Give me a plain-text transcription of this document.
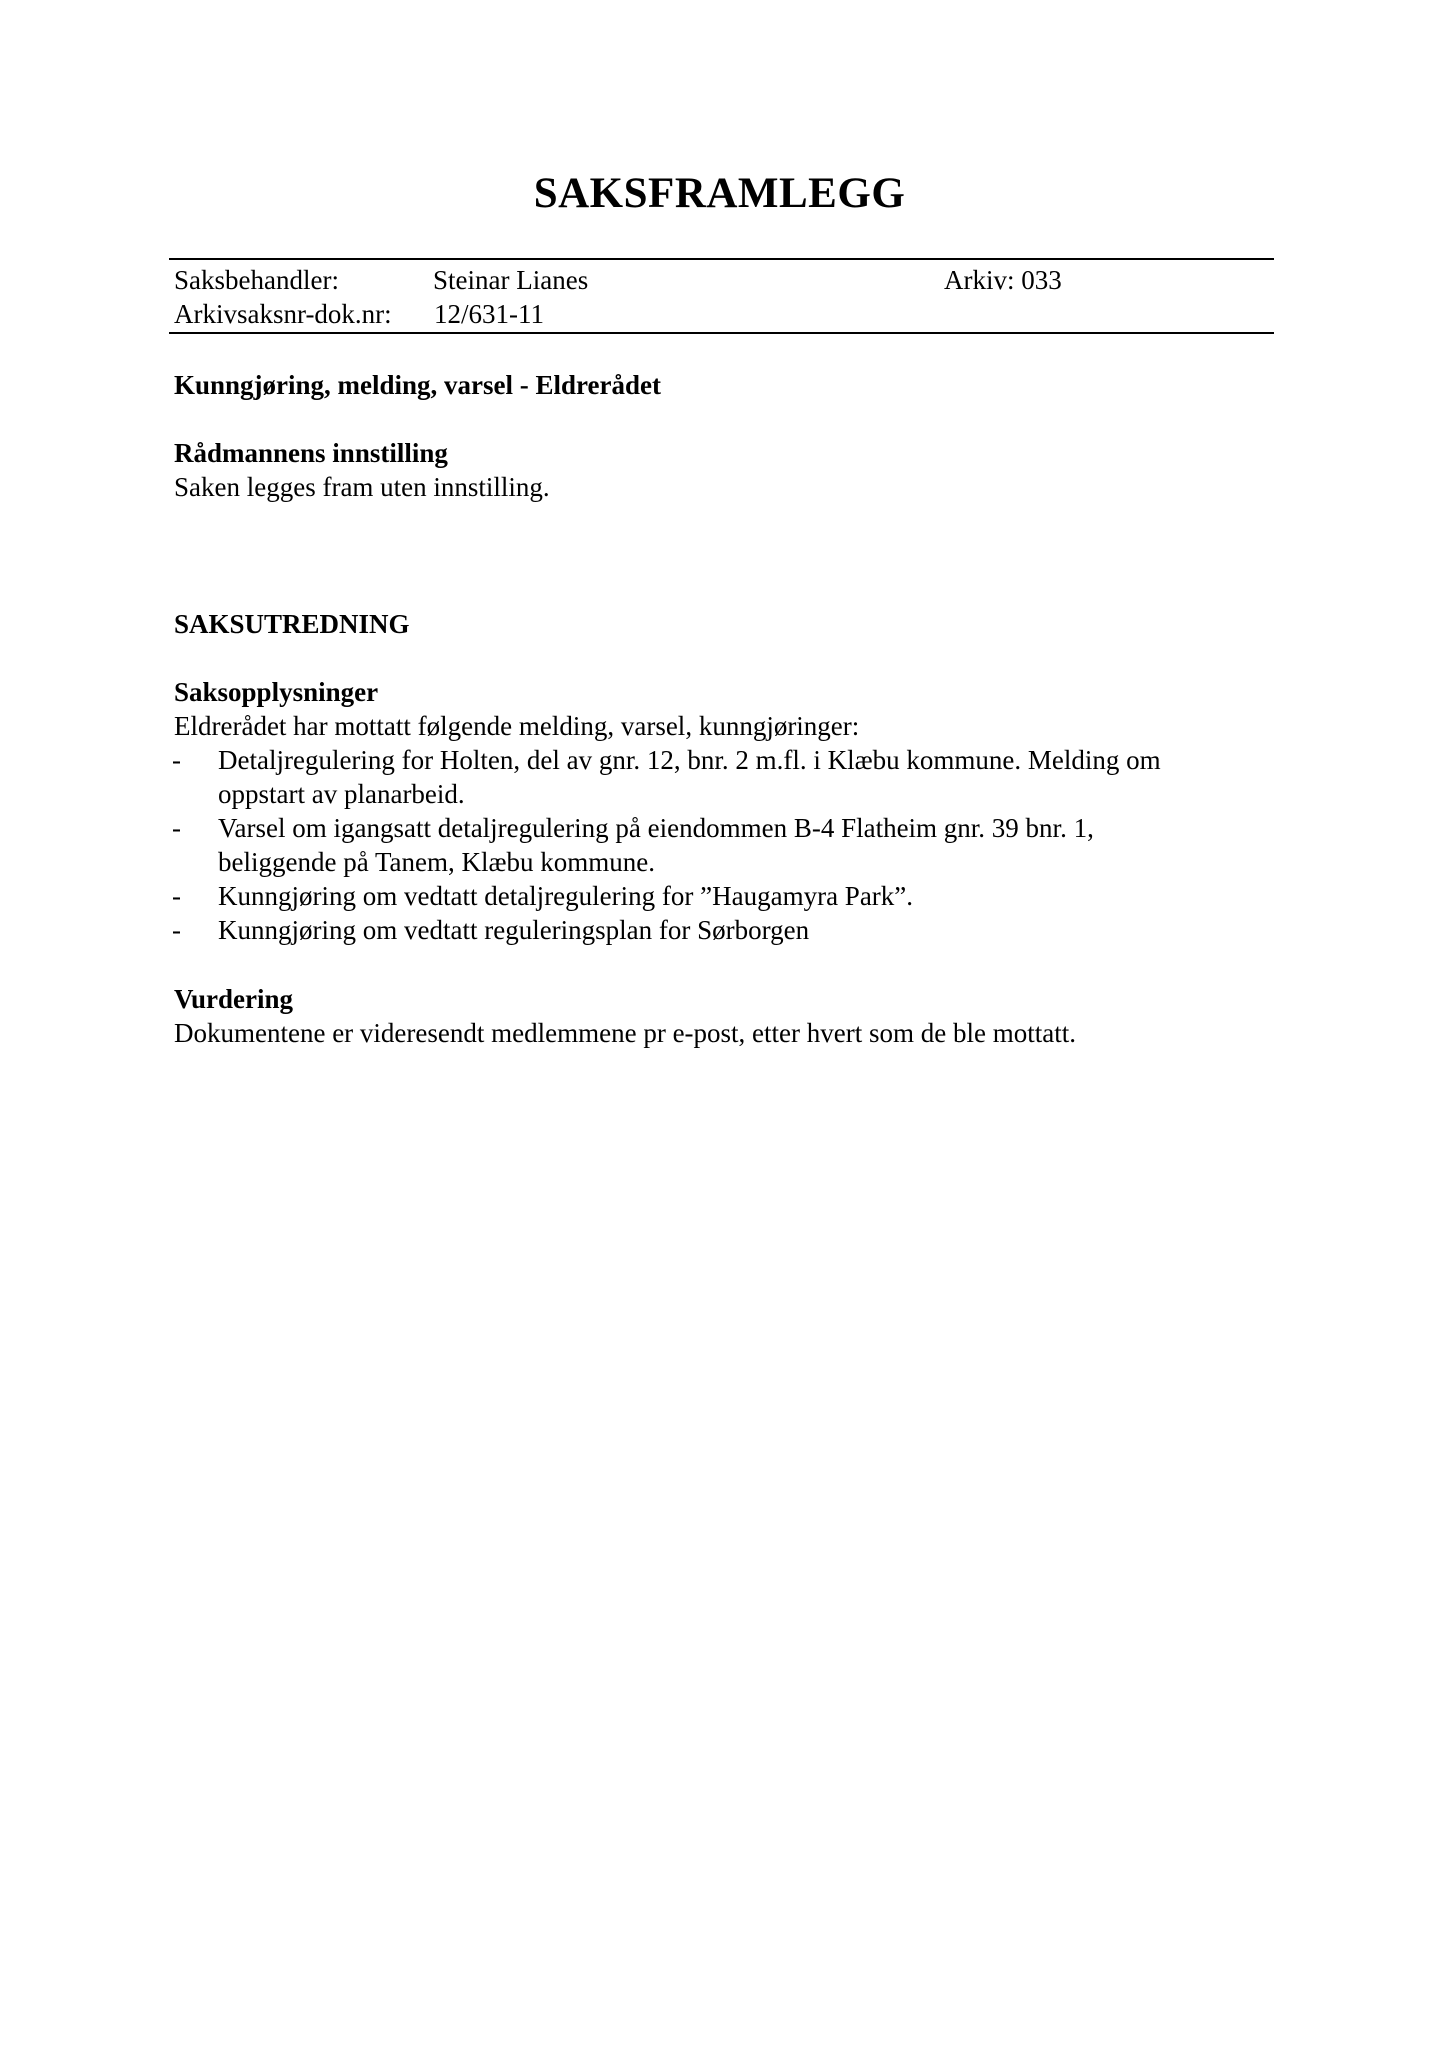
SAKSFRAMLEGG
Saksbehandler:	Steinar Lianes	Arkiv: 033
Arkivsaksnr-dok.nr: 12/631-11
Kunngjøring, melding, varsel - Eldrerådet
Rådmannens innstilling
Saken legges fram uten innstilling.
SAKSUTREDNING
Saksopplysninger
Eldrerådet har mottatt følgende melding, varsel, kunngjøringer:
- Detaljregulering for Holten, del av gnr. 12, bnr. 2 m.fl. i Klæbu kommune. Melding om
oppstart av planarbeid.
- Varsel om igangsatt detaljregulering på eiendommen B-4 Flatheim gnr. 39 bnr. 1,
beliggende på Tanem, Klæbu kommune.
- Kunngjøring om vedtatt detaljregulering for ”Haugamyra Park”.
- Kunngjøring om vedtatt reguleringsplan for Sørborgen
Vurdering
Dokumentene er videresendt medlemmene pr e-post, etter hvert som de ble mottatt.
